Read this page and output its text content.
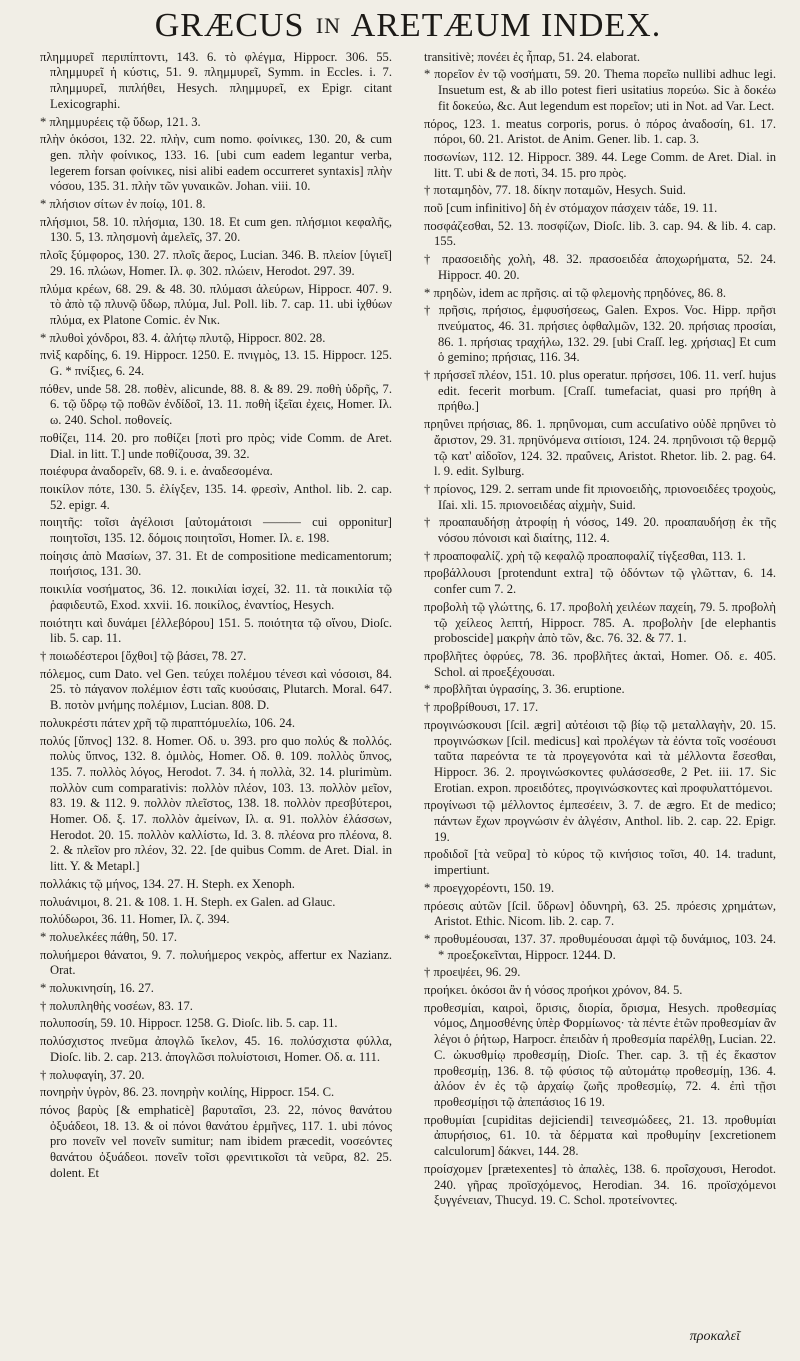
GRÆCUS IN ARETÆUM INDEX.

πλημμυρεῖ περιπίπτοντι, 143. 6. τὸ φλέγμα, Hippocr. 306. 55. πλημμυρεῖ ἡ κύστις, 51. 9. πλημμυρεῖ, Symm. in Eccles. i. 7. πλημμυρεῖ, πιπλήθει, Hesych. πλημμυρεῖ, ex Epigr. citant Lexicographi.

* πλημμυρέεις τῷ ὕδωρ, 121. 3.

πλὴν ὁκόσοι, 132. 22. πλὴν, cum nomo. φοίνικες, 130. 20, & cum gen. πλὴν φοίνικος, 133. 16. [ubi cum eadem legantur verba, legerem forsan φοίνικες, nisi alibi eadem occurreret syntaxis] πλὴν νόσου, 135. 31. πλὴν τῶν γυναικῶν. Johan. viii. 10.

* πλήσιον σίτων ἐν ποίῳ, 101. 8.

πλήσμιοι, 58. 10. πλήσμια, 130. 18. Et cum gen. πλήσμιοι κεφαλῆς, 130. 5, 13. πλησμονὴ ἀμελεῖς, 37. 20.

πλοῖς ξύμφορος, 130. 27. πλοῖς ἄερος, Lucian. 346. B. πλείον [ὑγιεῖ] 29. 16. πλώων, Homer. Ιλ. φ. 302. πλώειν, Herodot. 297. 39.

πλύμα κρέων, 68. 29. & 48. 30. πλύμασι ἀλεύρων, Hippocr. 407. 9. τὸ ἀπὸ τῷ πλυνῷ ὕδωρ, πλύμα, Jul. Poll. lib. 7. cap. 11. ubi ἰχθύων πλύμα, ex Platone Comic. ἐν Νικ.

* πλυθοὶ χόνδροι, 83. 4. ἀλήτῳ πλυτῷ, Hippocr. 802. 28.

πνὶξ καρδίης, 6. 19. Hippocr. 1250. E. πνιγμὸς, 13. 15. Hippocr. 125. G. * πνίξιες, 6. 24.

πόθεν, unde 58. 28. ποθὲν, alicunde, 88. 8. & 89. 29. ποθὴ ὑδρῆς, 7. 6. τῷ ὕδρῳ τῷ ποθῶν ἐνδίδοῖ, 13. 11. ποθὴ ἰξεῖαι ἐχεις, Homer. Ιλ. ω. 240. Schol. ποθονείς.

ποθίζει, 114. 20. pro ποθίζει [ποτὶ pro πρὸς; vide Comm. de Aret. Dial. in litt. T.] unde ποθίζουσα, 39. 32.

ποιέφυρα ἀναδορεῖν, 68. 9. i. e. ἀναδεσομένα.

ποικίλον πότε, 130. 5. ἐλίγξεν, 135. 14. φρεσὶν, Anthol. lib. 2. cap. 52. epigr. 4.

ποιητῆς: τοῖσι ἀγέλοισι [αὐτομάτοισι ——— cui opponitur] ποιητοῖσι, 135. 12. δόμοις ποιητοῖσι, Homer. Ιλ. ε. 198.

ποίησις ἀπὸ Μασίων, 37. 31. Et de compositione medicamentorum; ποιήσιος, 131. 30.

ποικιλία νοσήματος, 36. 12. ποικιλίαι ἰσχεί, 32. 11. τὰ ποικιλία τῷ ῥαφιδευτῶ, Exod. xxvii. 16. ποικίλος, ἐναντίος, Hesych.

ποιότητι καὶ δυνάμει [ἐλλεβόρου] 151. 5. ποιότητα τῷ οἴνου, Dioſc. lib. 5. cap. 11.

† ποιωδέστεροι [ὄχθοι] τῷ βάσει, 78. 27.

πόλεμος, cum Dato. vel Gen. τεύχει πολέμου τένεσι καὶ νόσοισι, 84. 25. τὸ πάγανον πολέμιον ἐστι ταῖς κυούσαις, Plutarch. Moral. 647. B. ποτὸν μνήμης πολέμιον, Lucian. 808. D.

πολυκρέστι πάτεν χρῆ τῷ πιραπτόμυελίω, 106. 24.

πολύς [ὕπνος] 132. 8. Homer. Οδ. υ. 393. pro quo πολύς & πολλός. πολὺς ὕπνος, 132. 8. ὁμιλὸς, Homer. Οδ. θ. 109. πολλὸς ὕπνος, 135. 7. πολλὸς λόγος, Herodot. 7. 34. ἡ πολλὰ, 32. 14. plurimùm. πολλὸν cum comparativis: πολλὸν πλέον, 103. 13. πολλὸν μεῖον, 83. 19. & 112. 9. πολλὸν πλεῖστος, 138. 18. πολλὸν πρεσβύτεροι, Homer. Οδ. ξ. 17. πολλὸν ἀμείνων, Ιλ. α. 91. πολλὸν ἐλάσσων, Herodot. 20. 15. πολλὸν καλλίστω, Id. 3. 8. πλέονα pro πλέονα, 8. 2. & πλεῖον pro πλέον, 32. 22. [de quibus Comm. de Aret. Dial. in litt. Y. & Metapl.]

πολλάκις τῷ μήνος, 134. 27. H. Steph. ex Xenoph.

πολυάνιμοι, 8. 21. & 108. 1. H. Steph. ex Galen. ad Glauc.

πολύδωροι, 36. 11. Homer, Ιλ. ζ. 394.

* πολυελκέες πάθη, 50. 17.

πολυήμεροι θάνατοι, 9. 7. πολυήμερος νεκρὸς, affertur ex Nazianz. Orat.

* πολυκινησίη, 16. 27.

† πολυπληθὴς νοσέων, 83. 17.

πολυποσίη, 59. 10. Hippocr. 1258. G. Dioſc. lib. 5. cap. 11.

πολύσχιστος πνεῦμα ἀπογλῶ ἴκελον, 45. 16. πολύσχιστα φύλλα, Dioſc. lib. 2. cap. 213. ἀπογλῶσι πολυίστοισι, Homer. Οδ. α. 111.

† πολυφαγίη, 37. 20.

πονηρὴν ὑγρὸν, 86. 23. πονηρὴν κοιλίης, Hippocr. 154. C.

πόνος βαρὺς [& emphaticè] βαρυταῖσι, 23. 22, πόνος θανάτου ὀξυάδεοι, 18. 13. & οἱ πόνοι θανάτου ἑρμῆνες, 117. 1. ubi πόνος pro πονεῖν vel πονεῖν sumitur; nam ibidem præcedit, νοσεόντες θανάτου ὀξυάδεοι. πονεῖν τοῖσι φρενιτικοῖσι τὰ νεῦρα, 82. 25. dolent. Et

transitivè; πονέει ἐς ἧπαρ, 51. 24. elaborat.

* πορεῖον ἐν τῷ νοσήματι, 59. 20. Thema πορεῖω nullibi adhuc legi. Insuetum est, & ab illo potest fieri usitatius πορεύω. Sic à δοκέω fit δοκεύω, &c. Aut legendum est πορεῖον; uti in Not. ad Var. Lect.

πόρος, 123. 1. meatus corporis, porus. ὁ πόρος ἀναδοσίη, 61. 17. πόροι, 60. 21. Aristot. de Anim. Gener. lib. 1. cap. 3.

ποσωνίων, 112. 12. Hippocr. 389. 44. Lege Comm. de Aret. Dial. in litt. T. ubi & de ποτὶ, 34. 15. pro πρὸς.

† ποταμηδὸν, 77. 18. δίκην ποταμῶν, Hesych. Suid.

ποῦ [cum infinitivo] δὴ ἐν στόμαχον πάσχειν τάδε, 19. 11.

ποσφάζεσθαι, 52. 13. ποσφίζων, Dioſc. lib. 3. cap. 94. & lib. 4. cap. 155.

† πρασοειδὴς χολὴ, 48. 32. πρασοειδέα ἀποχωρήματα, 52. 24. Hippocr. 40. 20.

* πρηδὼν, idem ac πρῆσις. αἱ τῷ φλεμονὴς πρηδόνες, 86. 8.

† πρῆσις, πρήσιος, ἐμφυσήσεως, Galen. Expos. Voc. Hipp. πρῆσι πνεύματος, 46. 31. πρήσιες ὀφθαλμῶν, 132. 20. πρήσιας προσίαι, 86. 1. πρήσιας τραχήλω, 132. 29. [ubi Craſſ. leg. χρήσιας] Et cum ὁ gemino; πρήσιας, 116. 34.

† πρήσσεῖ πλέον, 151. 10. plus operatur. πρήσσει, 106. 11. verſ. hujus edit. fecerit morbum. [Craſſ. tumefaciat, quasi pro πρήθη à πρήθω.]

πρηΰνει πρήσιας, 86. 1. πρηΰνομαι, cum accuſativo οὐδὲ πρηΰνει τὸ ἄριστον, 29. 31. πρηϋνόμενα σιτίοισι, 124. 24. πρηΰνοισι τῷ θερμῷ τῷ κατ' αἰδοῖον, 124. 32. πραΰνεις, Aristot. Rhetor. lib. 2. pag. 64. l. 9. edit. Sylburg.

† πρίονος, 129. 2. serram unde fit πριονοειδὴς, πριονοειδέες τροχοὺς, Iſai. xli. 15. πριονοειδέας αἰχμὴν, Suid.

† προαπαυδήσῃ ἀτροφίῃ ἡ νόσος, 149. 20. προαπαυδήσῃ ἐκ τῆς νόσου πόνοισι καὶ διαίτης, 112. 4.

† προαποφαλίζ. χρὴ τῷ κεφαλῷ προαποφαλίζ τίγξεσθαι, 113. 1.

προβάλλουσι [protendunt extra] τῷ ὀδόντων τῷ γλῶτταν, 6. 14. confer cum 7. 2.

προβολὴ τῷ γλώττης, 6. 17. προβολὴ χειλέων παχείη, 79. 5. προβολὴ τῷ χείλεος λεπτή, Hippocr. 785. A. προβολὴν [de elephantis proboscide] μακρὴν ἀπὸ τῶν, &c. 76. 32. & 77. 1.

προβλῆτες ὀφρύες, 78. 36. προβλῆτες ἀκταὶ, Homer. Οδ. ε. 405. Schol. αἱ προεξέχουσαι.

* προβλῆται ὑγρασίης, 3. 36. eruptione.

† προβρίθουσι, 17. 17.

προγινώσκουσι [ſcil. ægri] αὐτέοισι τῷ βίῳ τῷ μεταλλαγὴν, 20. 15. προγινώσκων [ſcil. medicus] καὶ προλέγων τὰ ἐόντα τοῖς νοσέουσι ταῦτα παρεόντα τε τὰ προγεγονότα καὶ τὰ μέλλοντα ἔσεσθαι, Hippocr. 36. 2. προγινώσκοντες φυλάσσεσθε, 2 Pet. iii. 17. Sic Erotian. expon. προειδότες, προγινώσκοντες καὶ προφυλαττόμενοι.

προγίνωσι τῷ μέλλοντος ἐμπεσέειν, 3. 7. de ægro. Et de medico; πάντων ἔχων προγνώσιν ἐν ἀλγέσιν, Anthol. lib. 2. cap. 22. Epigr. 19.

προδιδοῖ [τὰ νεῦρα] τὸ κύρος τῷ κινήσιος τοῖσι, 40. 14. tradunt, impertiunt.

* προεγχορέοντι, 150. 19.

πρόεσις αὐτῶν [ſcil. ὕδρων] ὀδυνηρὴ, 63. 25. πρόεσις χρημάτων, Aristot. Ethic. Nicom. lib. 2. cap. 7.

* προθυμέουσαι, 137. 37. προθυμέουσαι ἀμφὶ τῷ δυνάμιος, 103. 24. * προεξοκεῖνται, Hippocr. 1244. D.

† προεψέει, 96. 29.

προήκει. ὁκόσοι ἂν ἡ νόσος προήκοι χρόνον, 84. 5.

προθεσμίαι, καιροὶ, ὅρισις, διορία, ὅρισμα, Hesych. προθεσμίας νόμος, Δημοσθένης ὑπὲρ Φορμίωνος· τὰ πέντε ἐτῶν προθεσμίαν ἂν λέγοι ὁ ῥήτωρ, Harpocr. ἐπειδὰν ἡ προθεσμία παρέλθῃ, Lucian. 22. C. ὠκυσθμίῳ προθεσμίῃ, Dioſc. Ther. cap. 3. τῇ ἐς ἕκαστον προθεσμίῃ, 136. 8. τῷ φύσιος τῷ αὐτομάτῳ προθεσμίῃ, 136. 4. ἀλόον ἐν ἐς τῷ ἀρχαίῳ ζωῆς προθεσμίῳ, 72. 4. ἐπὶ τῇσι προθεσμίῃσι τῷ ἀπεπάσιος 16 19.

προθυμίαι [cupiditas dejiciendi] τεινεσμώδεες, 21. 13. προθυμίαι ἀπυρήσιος, 61. 10. τὰ δέρματα καὶ προθυμίην [excretionem calculorum] δάκνει, 144. 28.

προίσχομεν [prætexentes] τὸ ἀπαλὲς, 138. 6. προΐσχουσι, Herodot. 240. γῆρας προϊσχόμενος, Herodian. 34. 16. προϊσχόμενοι ξυγγένειαν, Thucyd. 19. C. Schol. προτείνοντες.

προκαλεῖ
